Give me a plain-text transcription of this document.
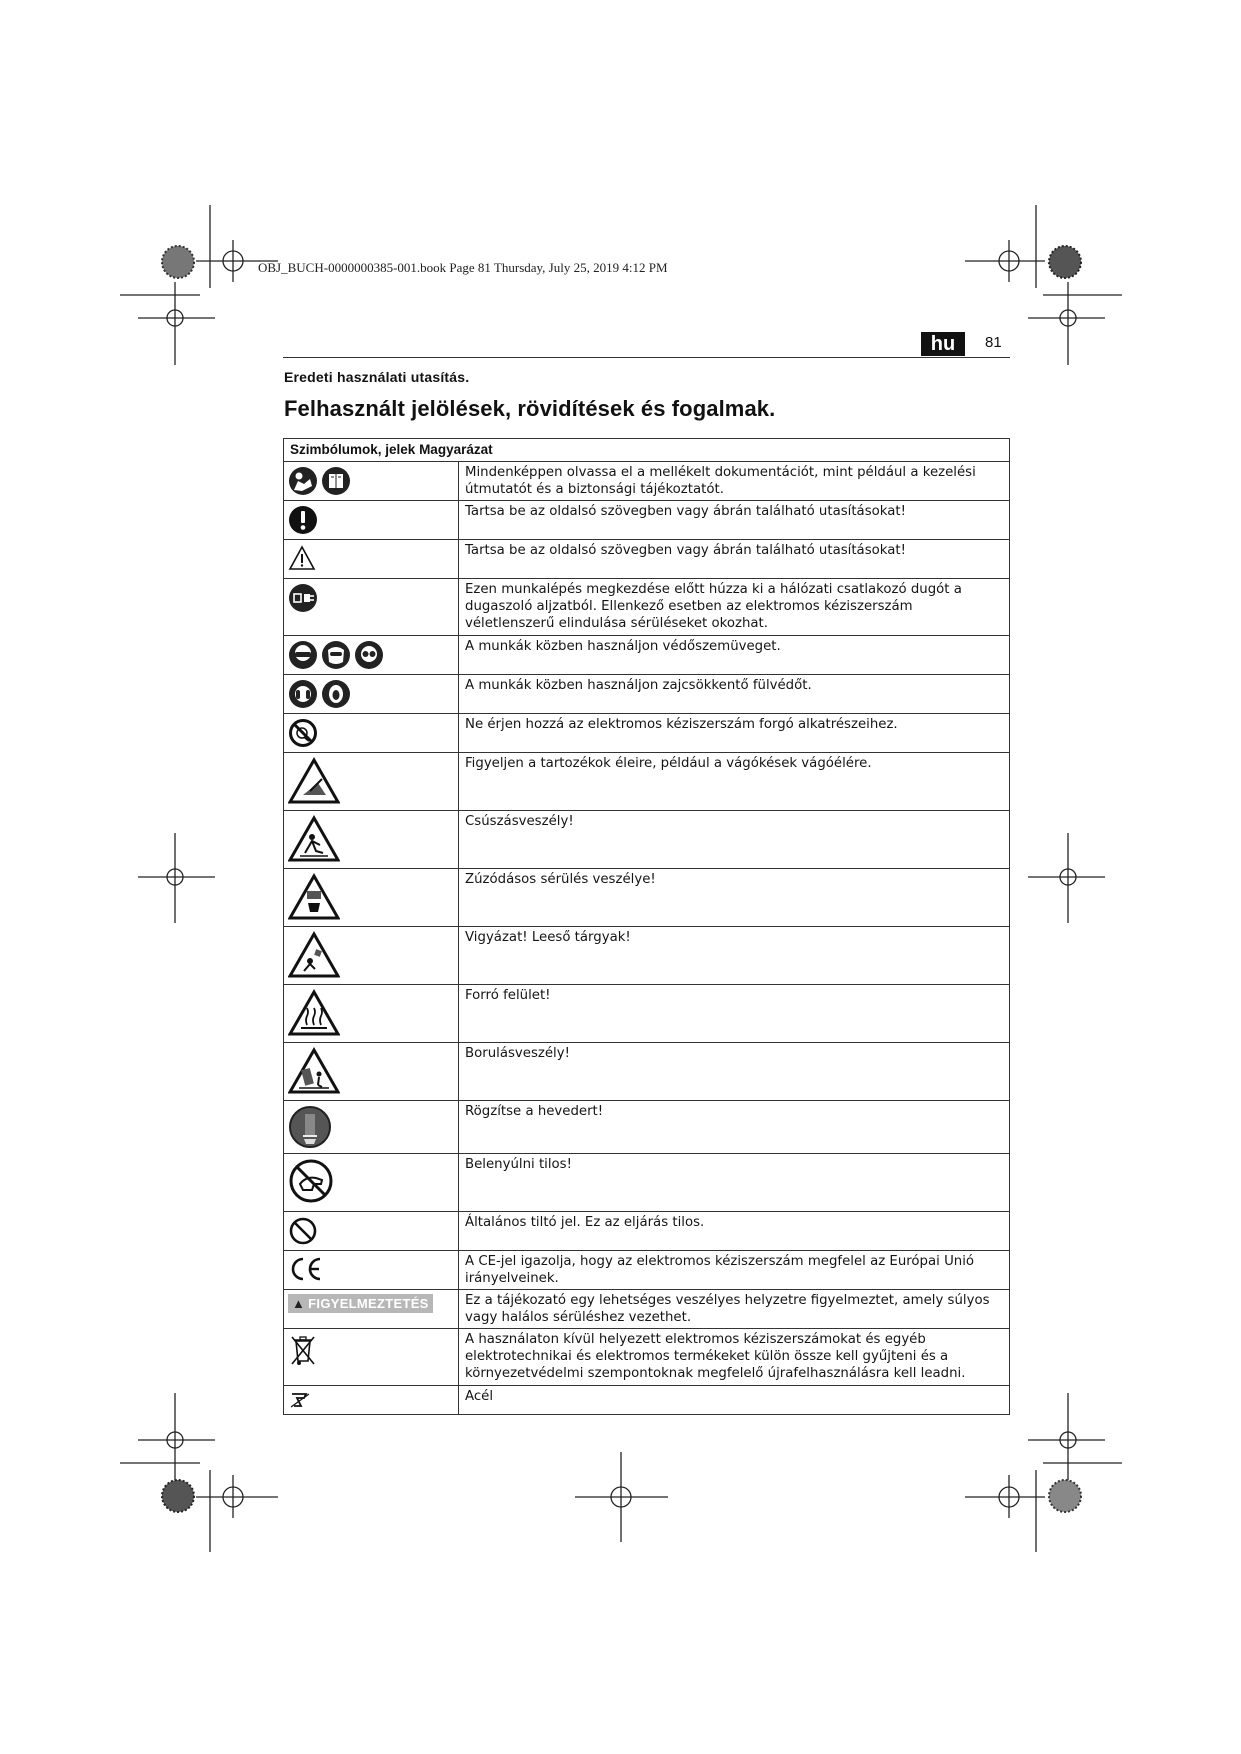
OBJ_BUCH-0000000385-001.book Page 81 Thursday, July 25, 2019 4:12 PM
hu	81
Eredeti használati utasítás.
Felhasznált jelölések, rövidítések és fogalmak.
Szimbólumok, jelek Magyarázat	

	Mindenképpen olvassa el a mellékelt dokumentációt, mint például a kezelési útmutatót és a biztonsági tájékoztatót.

	Tartsa be az oldalsó szövegben vagy ábrán található utasításokat!

	Tartsa be az oldalsó szövegben vagy ábrán található utasításokat!

	Ezen munkalépés megkezdése előtt húzza ki a hálózati csatlakozó dugót a dugaszoló aljzatból. Ellenkező esetben az elektromos kéziszerszám véletlenszerű elindulása sérüléseket okozhat.

	A munkák közben használjon védőszemüveget.

	A munkák közben használjon zajcsökkentő fülvédőt.

	Ne érjen hozzá az elektromos kéziszerszám forgó alkatrészeihez.

	Figyeljen a tartozékok éleire, például a vágókések vágóélére.

	Csúszásveszély!

	Zúzódásos sérülés veszélye!

	Vigyázat! Leeső tárgyak!

	Forró felület!

	Borulásveszély!

	Rögzítse a hevedert!

	Belenyúlni tilos!

	Általános tiltó jel. Ez az eljárás tilos.

	A CE-jel igazolja, hogy az elektromos kéziszerszám megfelel az Európai Unió irányelveinek.
▲ FIGYELMEZTETÉS	Ez a tájékozató egy lehetséges veszélyes helyzetre figyelmeztet, amely súlyos vagy halálos sérüléshez vezethet.

	A használaton kívül helyezett elektromos kéziszerszámokat és egyéb elektrotechnikai és elektromos termékeket külön össze kell gyűjteni és a környezetvédelmi szempontoknak megfelelő újrafelhasználásra kell leadni.

	Acél
